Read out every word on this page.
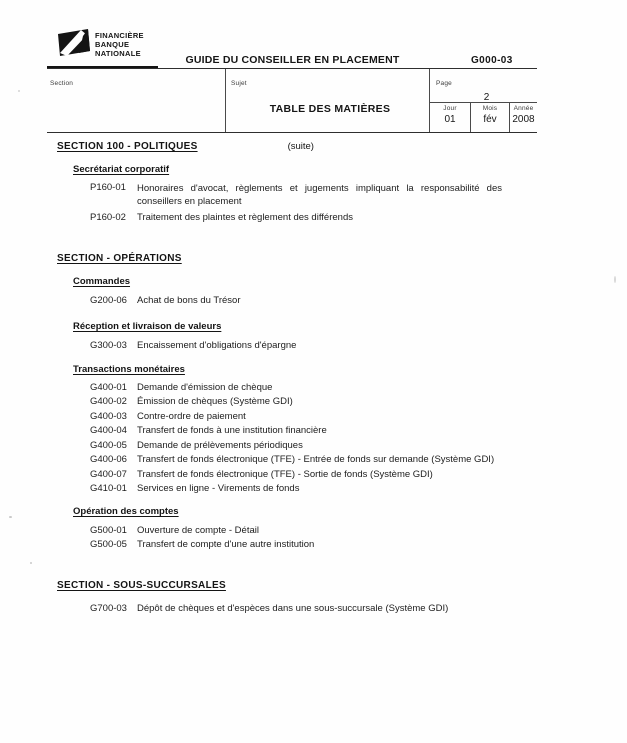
FINANCIÈRE
BANQUE
NATIONALE
GUIDE DU CONSEILLER EN PLACEMENT	G000-03
Section	Sujet
TABLE DES MATIÈRES
Page
2
Jour
01
Mois
fév
Année
2008
SECTION 100 - POLITIQUES	(suite)
Secrétariat corporatif
P160-01	Honoraires d'avocat, règlements et jugements impliquant la responsabilité des conseillers en placement
P160-02	Traitement des plaintes et règlement des différends
SECTION - OPÉRATIONS
Commandes
G200-06	Achat de bons du Trésor
Réception et livraison de valeurs
G300-03	Encaissement d'obligations d'épargne
Transactions monétaires
G400-01	Demande d'émission de chèque
G400-02	Émission de chèques (Système GDI)
G400-03	Contre-ordre de paiement
G400-04	Transfert de fonds à une institution financière
G400-05	Demande de prélèvements périodiques
G400-06	Transfert de fonds électronique (TFE) - Entrée de fonds sur demande (Système GDI)
G400-07	Transfert de fonds électronique (TFE) - Sortie de fonds (Système GDI)
G410-01	Services en ligne - Virements de fonds
Opération des comptes
G500-01	Ouverture de compte - Détail
G500-05	Transfert de compte d'une autre institution
SECTION - SOUS-SUCCURSALES
G700-03	Dépôt de chèques et d'espèces dans une sous-succursale (Système GDI)
